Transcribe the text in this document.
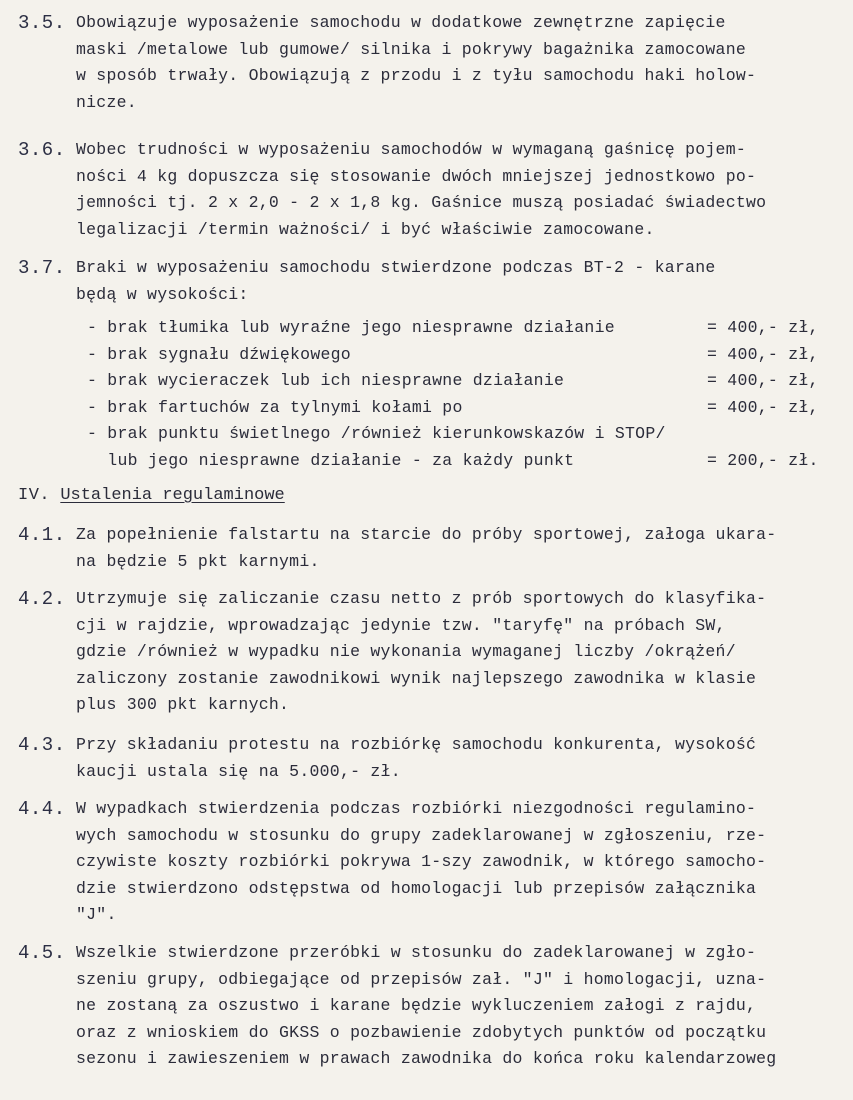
3.5. Obowiązuje wyposażenie samochodu w dodatkowe zewnętrzne zapięcie
maski /metalowe lub gumowe/ silnika i pokrywy bagażnika zamocowane
w sposób trwały. Obowiązują z przodu i z tyłu samochodu haki holow-
nicze.
3.6. Wobec trudności w wyposażeniu samochodów w wymaganą gaśnicę pojem-
ności 4 kg dopuszcza się stosowanie dwóch mniejszej jednostkowo po-
jemności tj. 2 x 2,0 - 2 x 1,8 kg. Gaśnice muszą posiadać świadectwo
legalizacji /termin ważności/ i być właściwie zamocowane.
3.7. Braki w wyposażeniu samochodu stwierdzone podczas BT-2 - karane
będą w wysokości:
- brak tłumika lub wyraźne jego niesprawne działanie	= 400,- zł,
- brak sygnału dźwiękowego	= 400,- zł,
- brak wycieraczek lub ich niesprawne działanie	= 400,- zł,
- brak fartuchów za tylnymi kołami po	= 400,- zł,
- brak punktu świetlnego /również kierunkowskazów i STOP/
lub jego niesprawne działanie - za każdy punkt	= 200,- zł.
IV. Ustalenia regulaminowe
4.1. Za popełnienie falstartu na starcie do próby sportowej, załoga ukara-
na będzie 5 pkt karnymi.
4.2. Utrzymuje się zaliczanie czasu netto z prób sportowych do klasyfika-
cji w rajdzie, wprowadzając jedynie tzw. "taryfę" na próbach SW,
gdzie /również w wypadku nie wykonania wymaganej liczby /okrążeń/
zaliczony zostanie zawodnikowi wynik najlepszego zawodnika w klasie
plus 300 pkt karnych.
4.3. Przy składaniu protestu na rozbiórkę samochodu konkurenta, wysokość
kaucji ustala się na 5.000,- zł.
4.4. W wypadkach stwierdzenia podczas rozbiórki niezgodności regulaminо-
wych samochodu w stosunku do grupy zadeklarowanej w zgłoszeniu, rze-
czywiste koszty rozbiórki pokrywa 1-szy zawodnik, w którego samocho-
dzie stwierdzono odstępstwa od homologacji lub przepisów załącznika
"J".
4.5. Wszelkie stwierdzone przeróbki w stosunku do zadeklarowanej w zgło-
szeniu grupy, odbiegające od przepisów zał. "J" i homologacji, uzna-
ne zostaną za oszustwo i karane będzie wykluczeniem załogi z rajdu,
oraz z wnioskiem do GKSS o pozbawienie zdobytych punktów od początku
sezonu i zawieszeniem w prawach zawodnika do końca roku kalendarzoweg
